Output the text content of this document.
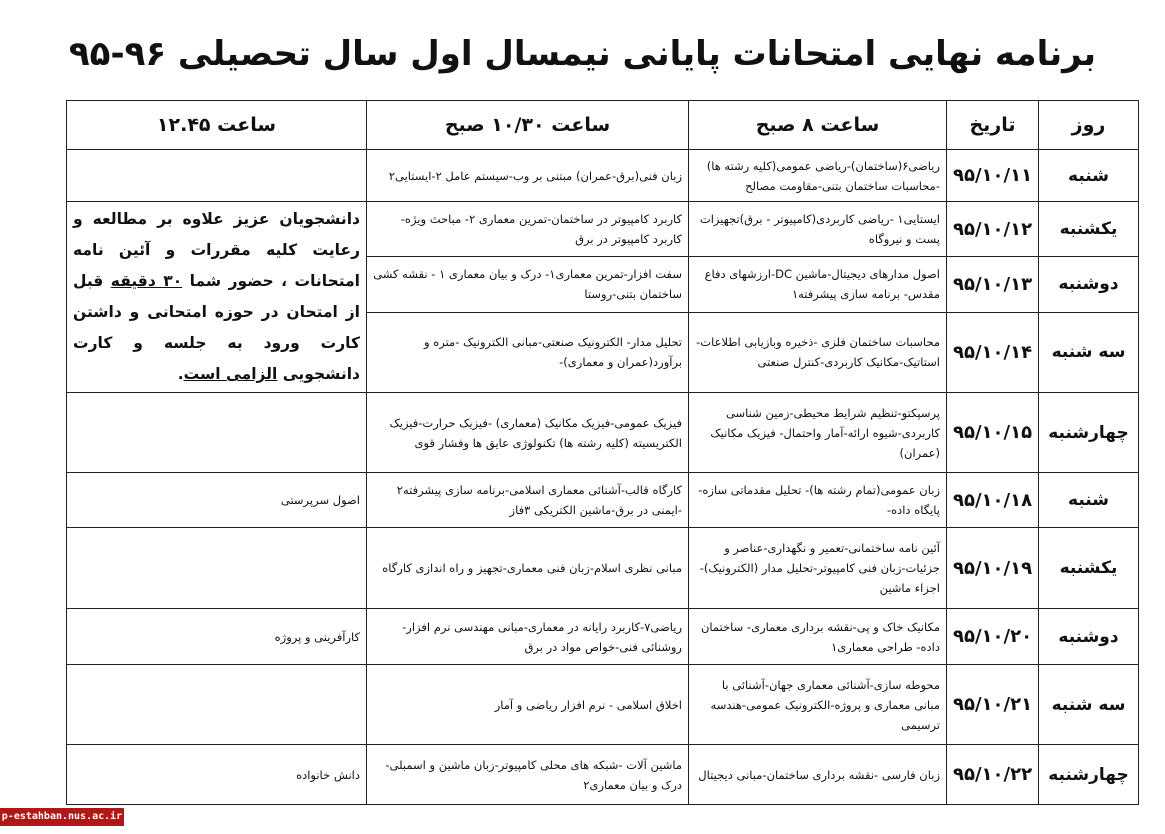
برنامه نهایی امتحانات پایانی نیمسال اول سال تحصیلی ۹۶-۹۵
روز	تاریخ	ساعت ۸ صبح	ساعت ۱۰/۳۰ صبح	ساعت ۱۲.۴۵
شنبه	۹۵/۱۰/۱۱	ریاضی۶(ساختمان)-ریاضی عمومی(کلیه رشته ها) -محاسبات ساختمان بتنی-مقاومت مصالح	زبان فنی(برق-عمران) مبتنی بر وب-سیستم عامل ۲-ایستایی۲	
یکشنبه	۹۵/۱۰/۱۲	ایستایی۱ -ریاضی کاربردی(کامپیوتر - برق)تجهیزات پست و نیروگاه	کاربرد کامپیوتر در ساختمان-تمرین معماری ۲- مباحث ویژه-کاربرد کامپیوتر در برق	دانشجویان عزیز علاوه بر مطالعه و رعایت کلیه مقررات و آئین نامه امتحانات ، حضور شما ۳۰ دقیقه قبل از امتحان در حوزه امتحانی و داشتن کارت ورود به جلسه و کارت دانشجویی الزامی است.
دوشنبه	۹۵/۱۰/۱۳	اصول مدارهای دیجیتال-ماشین DC-ارزشهای دفاع مقدس- برنامه سازی پیشرفته۱	سفت افزار-تمرین معماری۱- درک و بیان معماری ۱ - نقشه کشی ساختمان بتنی-روستا	
سه شنبه	۹۵/۱۰/۱۴	محاسبات ساختمان فلزی -ذخیره وبازیابی اطلاعات-استاتیک-مکانیک کاربردی-کنترل صنعتی	تحلیل مدار- الکترونیک صنعتی-مبانی الکترونیک -متره و برآورد(عمران و معماری)-	
چهارشنبه	۹۵/۱۰/۱۵	پرسپکتو-تنظیم شرایط محیطی-زمین شناسی کاربردی-شیوه ارائه-آمار واحتمال- فیزیک مکانیک (عمران)	فیزیک عمومی-فیزیک مکانیک (معماری) -فیزیک حرارت-فیزیک الکتریسیته (کلیه رشته ها) تکنولوژی عایق ها وفشار قوی	
شنبه	۹۵/۱۰/۱۸	زبان عمومی(تمام رشته ها)- تحلیل مقدماتی سازه-پایگاه داده-	کارگاه قالب-آشنائی معماری اسلامی-برنامه سازی پیشرفته۲ -ایمنی در برق-ماشین الکتریکی ۳فاز	اصول سرپرستی
یکشنبه	۹۵/۱۰/۱۹	آئین نامه ساختمانی-تعمیر و نگهداری-عناصر و جزئیات-زبان فنی کامپیوتر-تحلیل مدار (الکترونیک)-اجزاء ماشین	مبانی نظری اسلام-زبان فنی معماری-تجهیز و راه اندازی کارگاه	
دوشنبه	۹۵/۱۰/۲۰	مکانیک خاک و پی-نقشه برداری معماری- ساختمان داده- طراحی معماری۱	ریاضی۷-کاربرد رایانه در معماری-مبانی مهندسی نرم افزار-روشنائی فنی-خواص مواد در برق	کارآفرینی و پروژه
سه شنبه	۹۵/۱۰/۲۱	محوطه سازی-آشنائی معماری جهان-آشنائی با مبانی معماری و پروژه-الکترونیک عمومی-هندسه ترسیمی	اخلاق اسلامی - نرم افزار ریاضی و آمار	
چهارشنبه	۹۵/۱۰/۲۲	زبان فارسی -نقشه برداری ساختمان-مبانی دیجیتال	ماشین آلات -شبکه های محلی کامپیوتر-زبان ماشین و اسمبلی-درک و بیان معماری۲	دانش خانواده
p-estahban.nus.ac.ir
